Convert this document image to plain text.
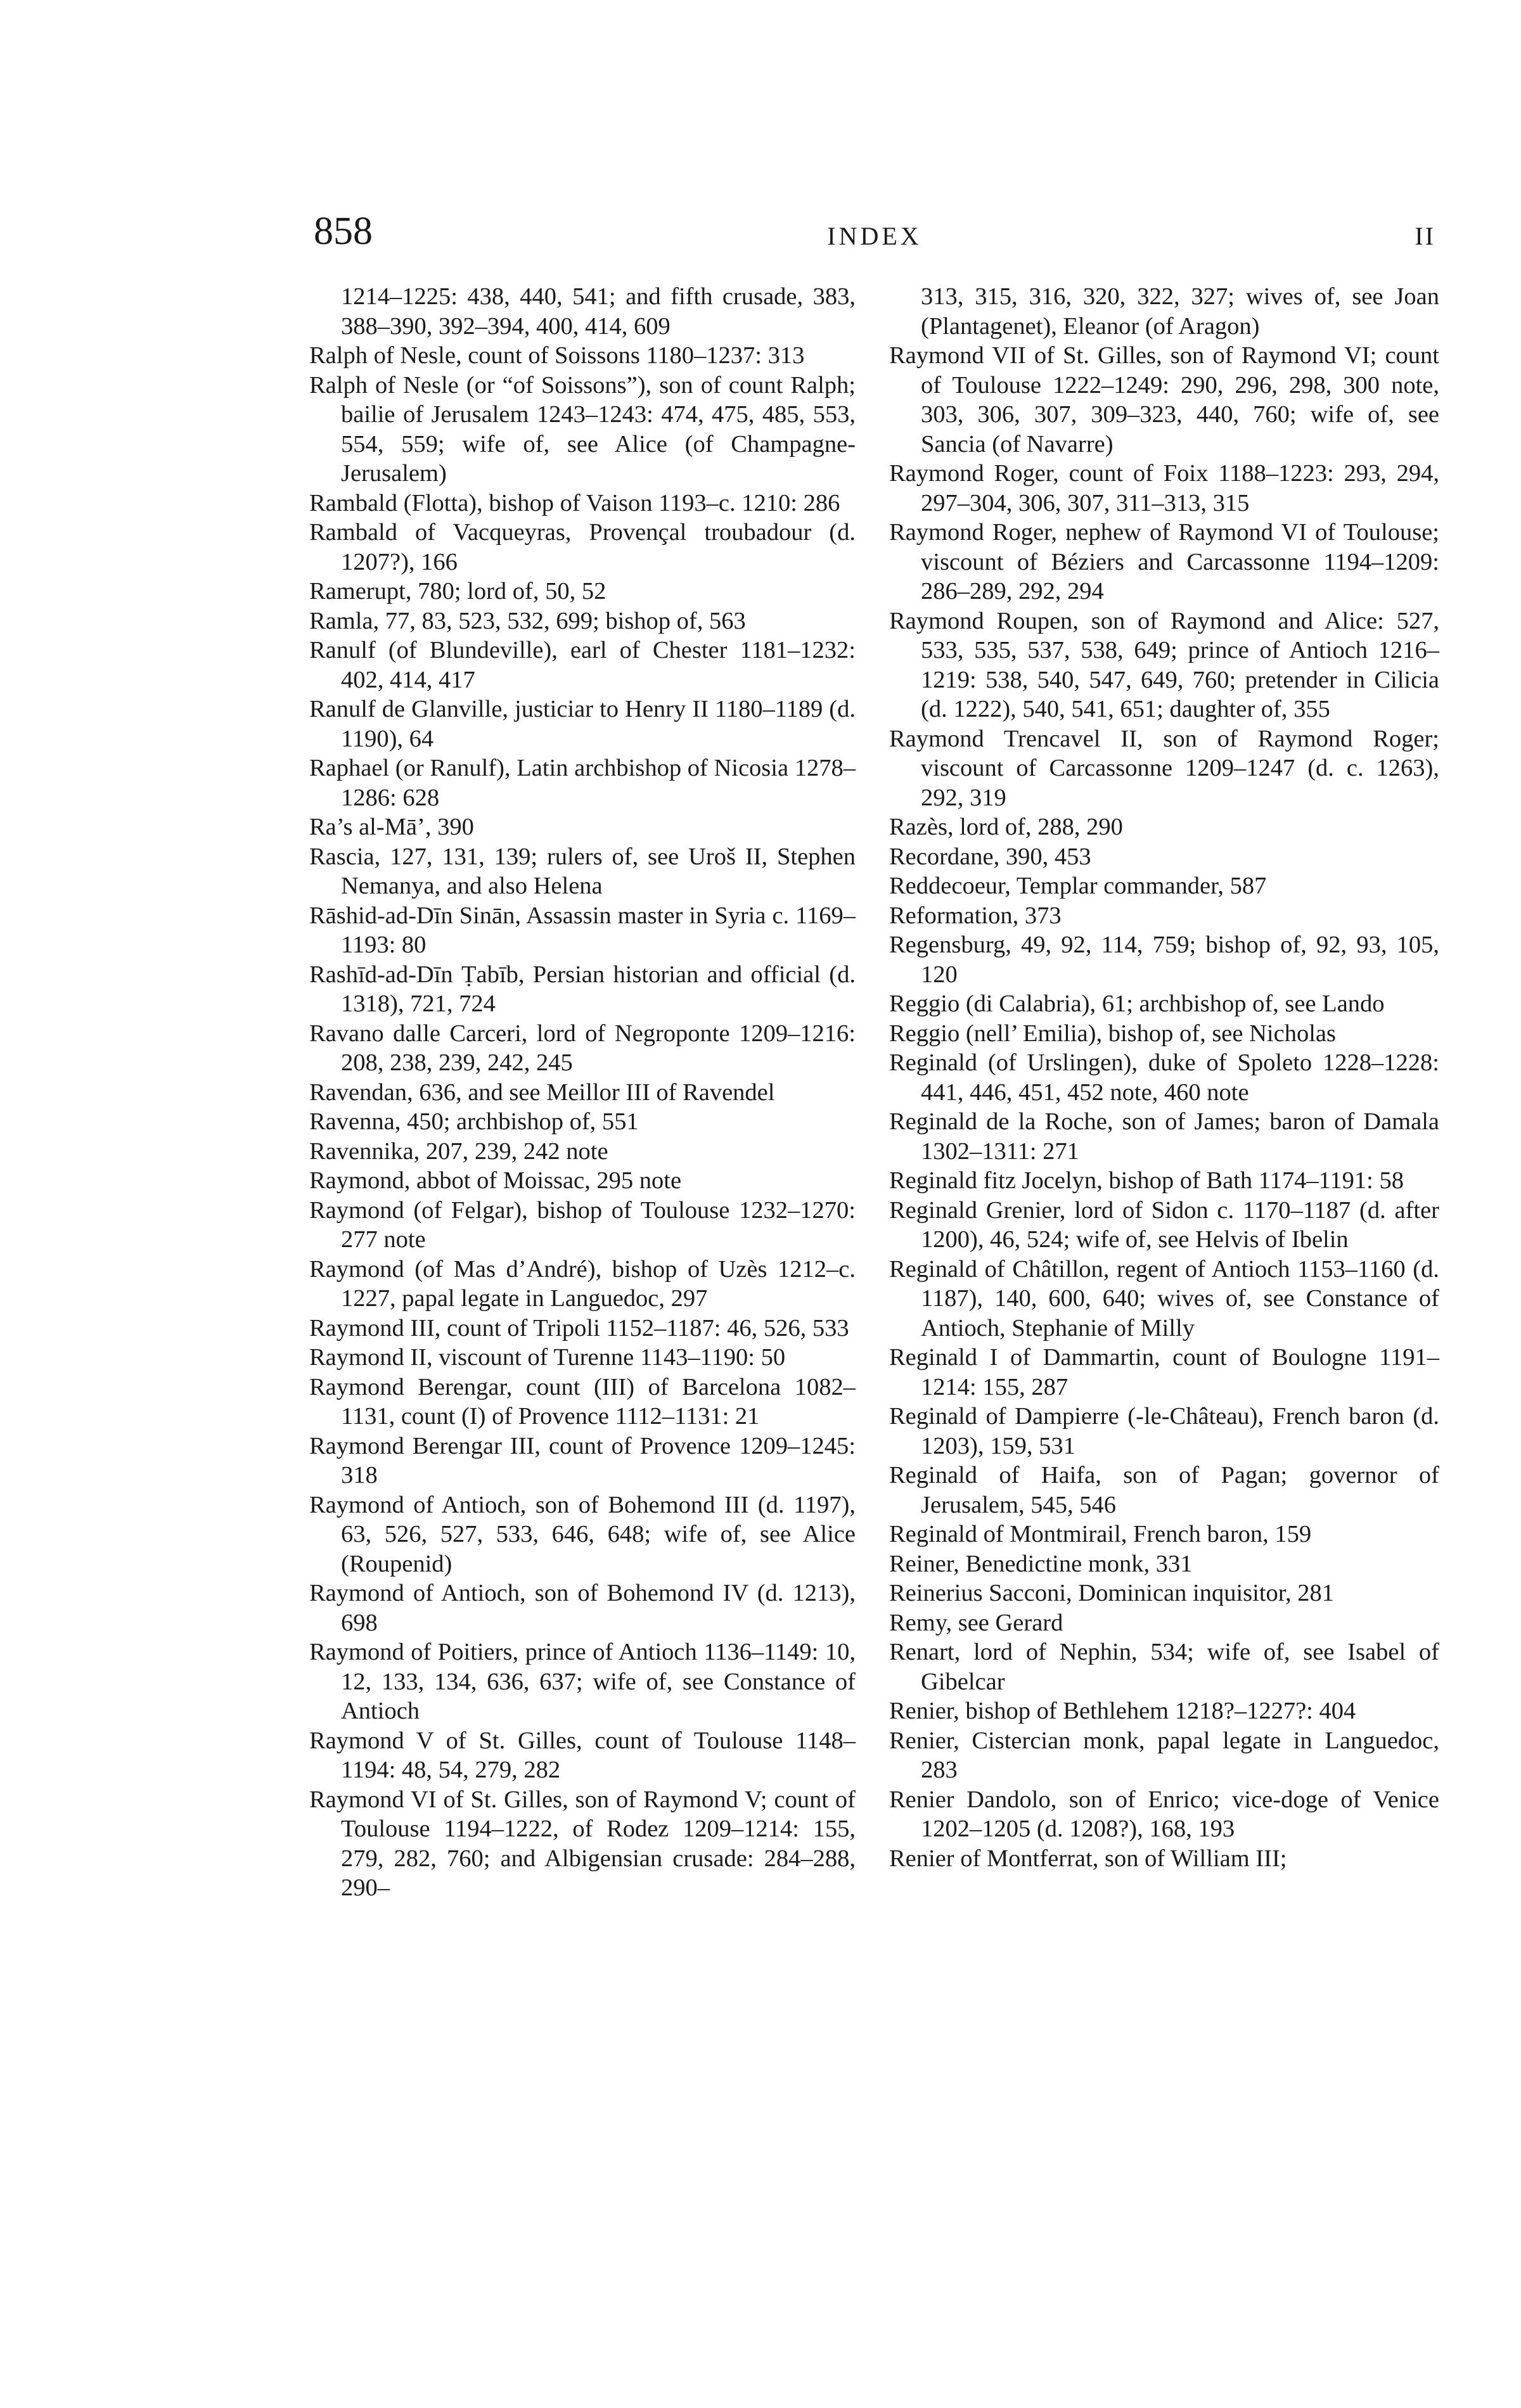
858	INDEX	II

1214–1225: 438, 440, 541; and fifth crusade, 383, 388–390, 392–394, 400, 414, 609

Ralph of Nesle, count of Soissons 1180–1237: 313

Ralph of Nesle (or “of Soissons”), son of count Ralph; bailie of Jerusalem 1243–1243: 474, 475, 485, 553, 554, 559; wife of, see Alice (of Champagne-Jerusalem)

Rambald (Flotta), bishop of Vaison 1193–c. 1210: 286

Rambald of Vacqueyras, Provençal troubadour (d. 1207?), 166

Ramerupt, 780; lord of, 50, 52

Ramla, 77, 83, 523, 532, 699; bishop of, 563

Ranulf (of Blundeville), earl of Chester 1181–1232: 402, 414, 417

Ranulf de Glanville, justiciar to Henry II 1180–1189 (d. 1190), 64

Raphael (or Ranulf), Latin archbishop of Nicosia 1278–1286: 628

Ra’s al-Mā’, 390

Rascia, 127, 131, 139; rulers of, see Uroš II, Stephen Nemanya, and also Helena

Rāshid-ad-Dīn Sinān, Assassin master in Syria c. 1169–1193: 80

Rashīd-ad-Dīn Ṭabīb, Persian historian and official (d. 1318), 721, 724

Ravano dalle Carceri, lord of Negroponte 1209–1216: 208, 238, 239, 242, 245

Ravendan, 636, and see Meillor III of Ravendel

Ravenna, 450; archbishop of, 551

Ravennika, 207, 239, 242 note

Raymond, abbot of Moissac, 295 note

Raymond (of Felgar), bishop of Toulouse 1232–1270: 277 note

Raymond (of Mas d’André), bishop of Uzès 1212–c. 1227, papal legate in Languedoc, 297

Raymond III, count of Tripoli 1152–1187: 46, 526, 533

Raymond II, viscount of Turenne 1143–1190: 50

Raymond Berengar, count (III) of Barcelona 1082–1131, count (I) of Provence 1112–1131: 21

Raymond Berengar III, count of Provence 1209–1245: 318

Raymond of Antioch, son of Bohemond III (d. 1197), 63, 526, 527, 533, 646, 648; wife of, see Alice (Roupenid)

Raymond of Antioch, son of Bohemond IV (d. 1213), 698

Raymond of Poitiers, prince of Antioch 1136–1149: 10, 12, 133, 134, 636, 637; wife of, see Constance of Antioch

Raymond V of St. Gilles, count of Toulouse 1148–1194: 48, 54, 279, 282

Raymond VI of St. Gilles, son of Raymond V; count of Toulouse 1194–1222, of Rodez 1209–1214: 155, 279, 282, 760; and Albigensian crusade: 284–288, 290–

313, 315, 316, 320, 322, 327; wives of, see Joan (Plantagenet), Eleanor (of Aragon)

Raymond VII of St. Gilles, son of Raymond VI; count of Toulouse 1222–1249: 290, 296, 298, 300 note, 303, 306, 307, 309–323, 440, 760; wife of, see Sancia (of Navarre)

Raymond Roger, count of Foix 1188–1223: 293, 294, 297–304, 306, 307, 311–313, 315

Raymond Roger, nephew of Raymond VI of Toulouse; viscount of Béziers and Carcassonne 1194–1209: 286–289, 292, 294

Raymond Roupen, son of Raymond and Alice: 527, 533, 535, 537, 538, 649; prince of Antioch 1216–1219: 538, 540, 547, 649, 760; pretender in Cilicia (d. 1222), 540, 541, 651; daughter of, 355

Raymond Trencavel II, son of Raymond Roger; viscount of Carcassonne 1209–1247 (d. c. 1263), 292, 319

Razès, lord of, 288, 290

Recordane, 390, 453

Reddecoeur, Templar commander, 587

Reformation, 373

Regensburg, 49, 92, 114, 759; bishop of, 92, 93, 105, 120

Reggio (di Calabria), 61; archbishop of, see Lando

Reggio (nell’ Emilia), bishop of, see Nicholas

Reginald (of Urslingen), duke of Spoleto 1228–1228: 441, 446, 451, 452 note, 460 note

Reginald de la Roche, son of James; baron of Damala 1302–1311: 271

Reginald fitz Jocelyn, bishop of Bath 1174–1191: 58

Reginald Grenier, lord of Sidon c. 1170–1187 (d. after 1200), 46, 524; wife of, see Helvis of Ibelin

Reginald of Châtillon, regent of Antioch 1153–1160 (d. 1187), 140, 600, 640; wives of, see Constance of Antioch, Stephanie of Milly

Reginald I of Dammartin, count of Boulogne 1191–1214: 155, 287

Reginald of Dampierre (-le-Château), French baron (d. 1203), 159, 531

Reginald of Haifa, son of Pagan; governor of Jerusalem, 545, 546

Reginald of Montmirail, French baron, 159

Reiner, Benedictine monk, 331

Reinerius Sacconi, Dominican inquisitor, 281

Remy, see Gerard

Renart, lord of Nephin, 534; wife of, see Isabel of Gibelcar

Renier, bishop of Bethlehem 1218?–1227?: 404

Renier, Cistercian monk, papal legate in Languedoc, 283

Renier Dandolo, son of Enrico; vice-doge of Venice 1202–1205 (d. 1208?), 168, 193

Renier of Montferrat, son of William III;
